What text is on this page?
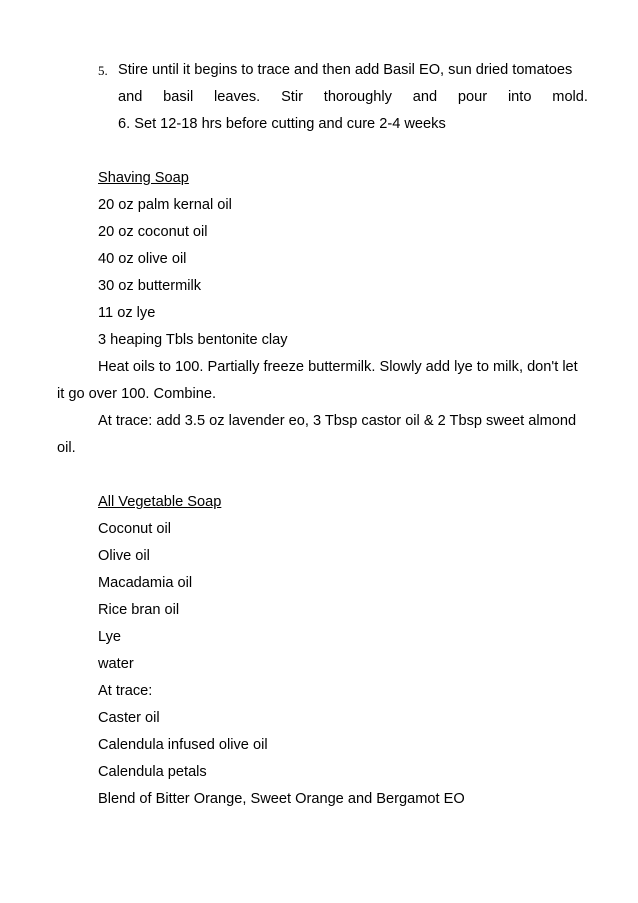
5. Stire until it begins to trace and then add Basil EO, sun dried tomatoes
and basil leaves. Stir thoroughly and pour into mold.
6. Set 12-18 hrs before cutting and cure 2-4 weeks
Shaving Soap
20 oz palm kernal oil
20 oz coconut oil
40 oz olive oil
30 oz buttermilk
11 oz lye
3 heaping Tbls bentonite clay
Heat oils to 100. Partially freeze buttermilk. Slowly add lye to milk, don't let
it go over 100. Combine.
At trace: add 3.5 oz lavender eo, 3 Tbsp castor oil & 2 Tbsp sweet almond
oil.
All Vegetable Soap
Coconut oil
Olive oil
Macadamia oil
Rice bran oil
Lye
water
At trace:
Caster oil
Calendula infused olive oil
Calendula petals
Blend of Bitter Orange, Sweet Orange and Bergamot EO
